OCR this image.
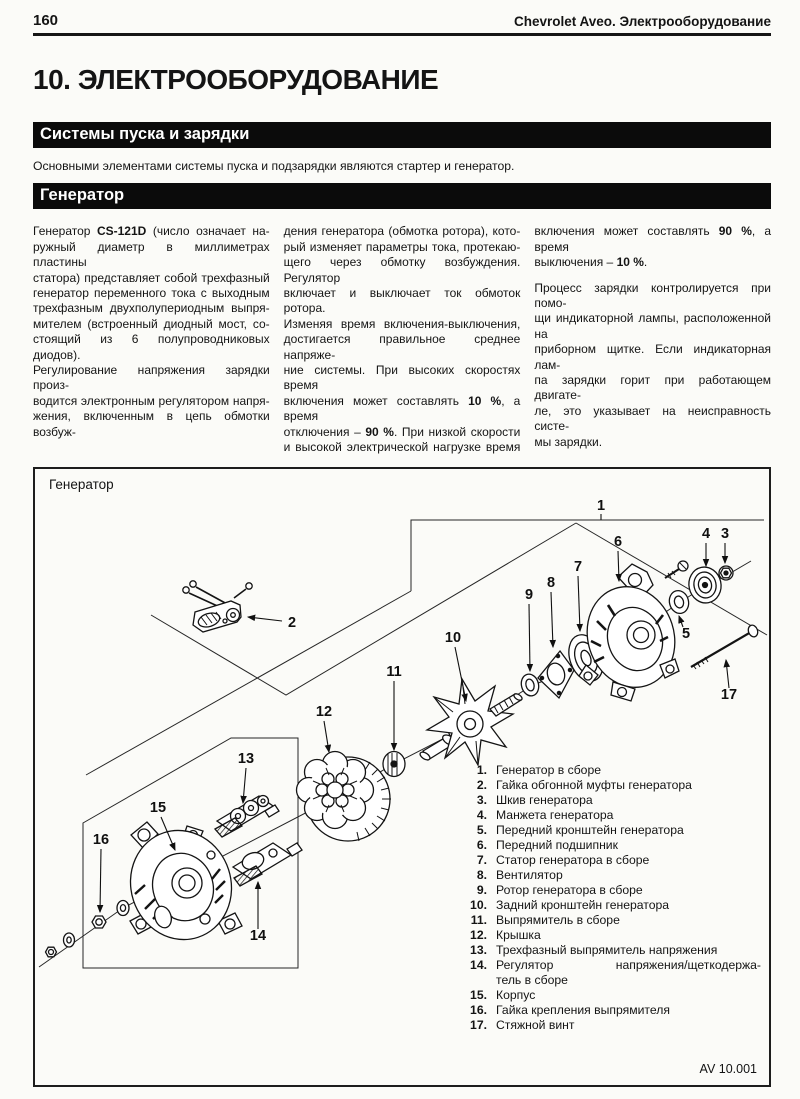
160	Chevrolet Aveo. Электрооборудование
10. ЭЛЕКТРООБОРУДОВАНИЕ
Системы пуска и зарядки
Основными элементами системы пуска и подзарядки являются стартер и генератор.
Генератор
Генератор CS-121D (число означает на-
ружный диаметр в миллиметрах пластины
статора) представляет собой трехфазный
генератор переменного тока с выходным
трехфазным двухполупериодным выпря-
мителем (встроенный диодный мост, со-
стоящий из 6 полупроводниковых диодов).
Регулирование напряжения зарядки произ-
водится электронным регулятором напря-
жения, включенным в цепь обмотки возбуж-
дения генератора (обмотка ротора), кото-
рый изменяет параметры тока, протекаю-
щего через обмотку возбуждения. Регулятор
включает и выключает ток обмоток ротора.
Изменяя время включения-выключения,
достигается правильное среднее напряже-
ние системы. При высоких скоростях время
включения может составлять 10 %, а время
отключения – 90 %. При низкой скорости
и высокой электрической нагрузке время
включения может составлять 90 %, а время
выключения – 10 %.
Процесс зарядки контролируется при помо-
щи индикаторной лампы, расположенной на
приборном щитке. Если индикаторная лам-
па зарядки горит при работающем двигате-
ле, это указывает на неисправность систе-
мы зарядки.
1
2
3
4
5
6
7
8
9
10
11
12
13
14
15
16
17
Генератор
1. Генератор в сборе
2. Гайка обгонной муфты генератора
3. Шкив генератора
4. Манжета генератора
5. Передний кронштейн генератора
6. Передний подшипник
7. Статор генератора в сборе
8. Вентилятор
9. Ротор генератора в сборе
10. Задний кронштейн генератора
11. Выпрямитель в сборе
12. Крышка
13. Трехфазный выпрямитель напряжения
14. Регулятор напряжения/щеткодержа-
тель в сборе
15. Корпус
16. Гайка крепления выпрямителя
17. Стяжной винт
AV 10.001
